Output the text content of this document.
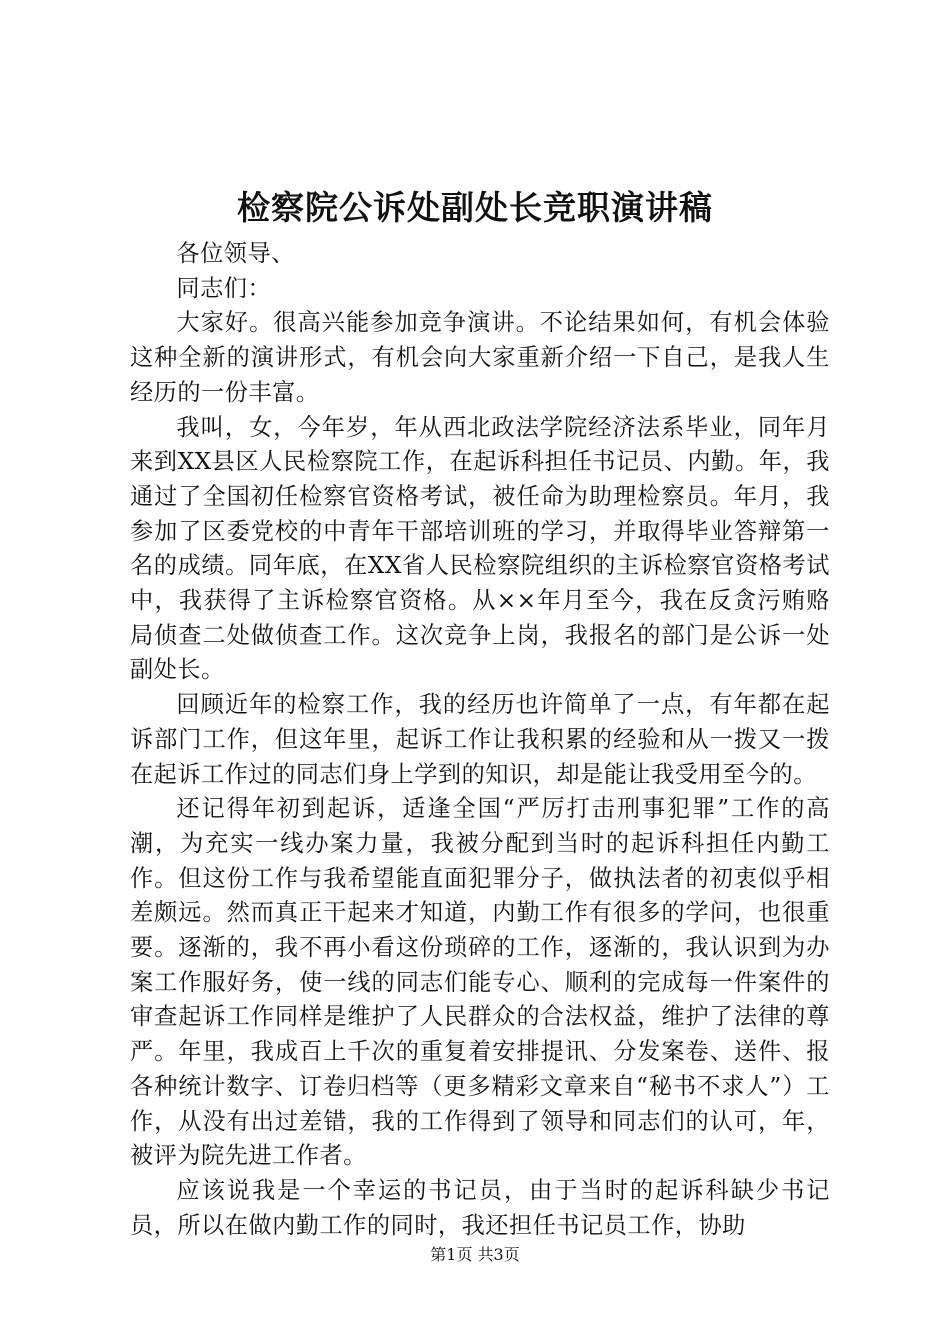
检察院公诉处副处长竞职演讲稿

各位领导、

同志们：

大家好。很高兴能参加竞争演讲。不论结果如何，有机会体验这种全新的演讲形式，有机会向大家重新介绍一下自己，是我人生经历的一份丰富。

我叫，女，今年岁，年从西北政法学院经济法系毕业，同年月来到XX县区人民检察院工作，在起诉科担任书记员、内勤。年，我通过了全国初任检察官资格考试，被任命为助理检察员。年月，我参加了区委党校的中青年干部培训班的学习，并取得毕业答辩第一名的成绩。同年底，在XX省人民检察院组织的主诉检察官资格考试中，我获得了主诉检察官资格。从××年月至今，我在反贪污贿赂局侦查二处做侦查工作。这次竞争上岗，我报名的部门是公诉一处副处长。

回顾近年的检察工作，我的经历也许简单了一点，有年都在起诉部门工作，但这年里，起诉工作让我积累的经验和从一拨又一拨在起诉工作过的同志们身上学到的知识，却是能让我受用至今的。

还记得年初到起诉，适逢全国“严厉打击刑事犯罪”工作的高潮，为充实一线办案力量，我被分配到当时的起诉科担任内勤工作。但这份工作与我希望能直面犯罪分子，做执法者的初衷似乎相差颇远。然而真正干起来才知道，内勤工作有很多的学问，也很重要。逐渐的，我不再小看这份琐碎的工作，逐渐的，我认识到为办案工作服好务，使一线的同志们能专心、顺利的完成每一件案件的审查起诉工作同样是维护了人民群众的合法权益，维护了法律的尊严。年里，我成百上千次的重复着安排提讯、分发案卷、送件、报各种统计数字、订卷归档等（更多精彩文章来自“秘书不求人”）工作，从没有出过差错，我的工作得到了领导和同志们的认可，年，被评为院先进工作者。

应该说我是一个幸运的书记员，由于当时的起诉科缺少书记员，所以在做内勤工作的同时，我还担任书记员工作，协助

第1页 共3页
